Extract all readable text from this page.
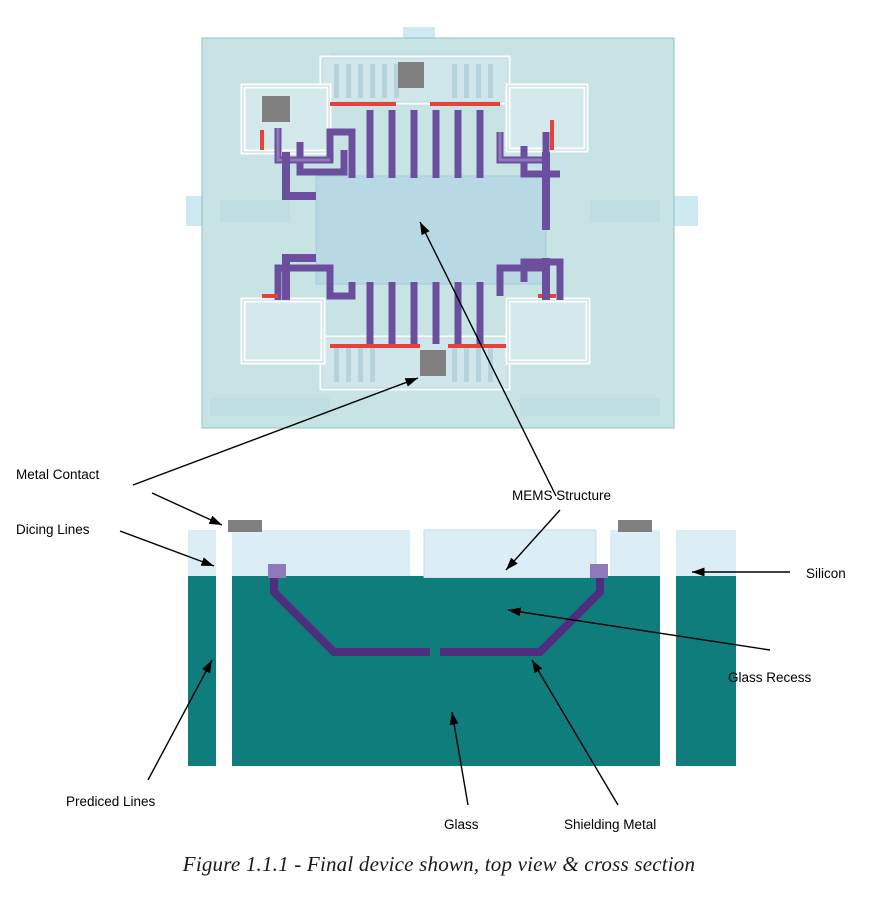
Metal Contact
Dicing Lines
MEMS Structure
Silicon
Glass Recess
Prediced Lines
Glass	Shielding Metal
Figure 1.1.1 - Final device shown, top view & cross section
